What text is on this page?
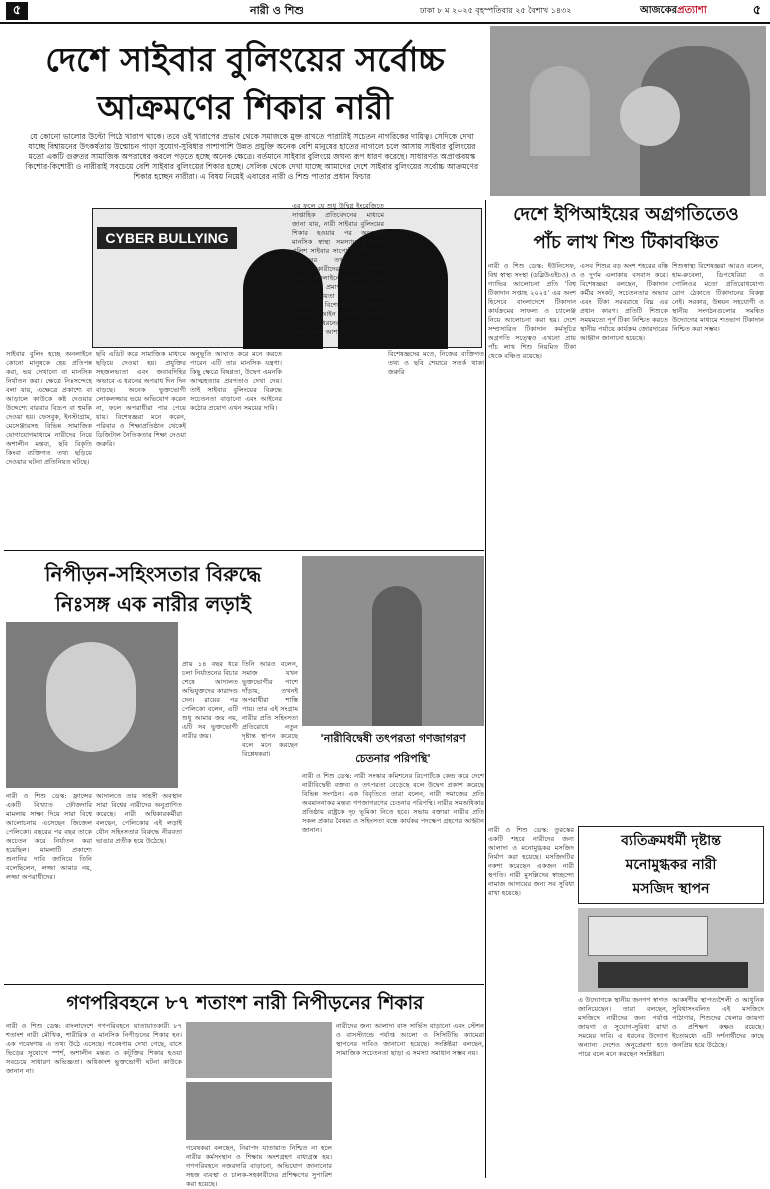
৫	নারী ও শিশু	ঢাকা ৮ ম ২০২৫ বৃহস্পতিবার ২৫ বৈশাখ ১৪৩২	আজকেরপ্রত্যাশা	৫
দেশে সাইবার বুলিংয়ের সর্বোচ্চ
আক্রমণের শিকার নারী
যে কোনো ভালোর উল্টো পিঠে খারাপ থাকে। তবে ওই খারাপের প্রভাব থেকে সমাজকে মুক্ত রাখতে পারাটাই সচেতন নাগরিকের দায়িত্ব। সেদিকে দেখা যাচ্ছে বিশ্বায়নের উৎকর্ষতায় উন্মোচন পাড়া সুযোগ-সুবিধার পাশাপাশি উন্নত প্রযুক্তি অনেক বেশি মানুষের হাতের নাগালে চলে আসায় সাইবার বুলিংয়ের মতো একটি গুরুতর সামাজিক অপরাধের কবলে পড়তে হচ্ছে অনেক ক্ষেত্রে। বর্তমানে সাইবার বুলিংয়ে জঘন্য রূপ ধারণ করেছে। সাধারণত অপ্রাপ্তবয়স্ক কিশোর-কিশোরী ও নারীরাই সবচেয়ে বেশি সাইবার বুলিংয়ের শিকার হচ্ছে। সেলিক থেকে দেখা যাচ্ছে আমাদের দেশে সাইবার বুলিংয়ের সর্বোচ্চ আক্রমণের শিকার হচ্ছেন নারীরা। এ বিষয় নিয়েই এবারের নারী ও শিশু পাতার প্রধান ফিচার
CYBER BULLYING
সাইবার বুলিং হচ্ছে অনলাইনে কোনো মানুষকে হেয় প্রতিপন্ন করা, ভয় দেখানো বা মানসিক নির্যাতন করা। ক্ষেত্রে নিঃসন্দেহে বলা যায়, এক্ষেত্রে প্রকাশ্যে বা আড়ালে কাউকে কষ্ট দেওয়ার উদ্দেশ্যে বারবার বিদ্রূপ বা হুমকি দেওয়া হয়। ফেসবুক, ইনস্টাগ্রাম, মেসেঞ্জারসহ বিভিন্ন সামাজিক যোগাযোগমাধ্যমে নারীদের নিয়ে অশালীন মন্তব্য, ছবি বিকৃতি কিংবা ব্যক্তিগত তথ্য ছড়িয়ে দেওয়ার ঘটনা প্রতিনিয়ত ঘটছে।
ছবি এডিট করে সামাজিক মাধ্যমে ছড়িয়ে দেওয়া হয়। প্রযুক্তির সহজলভ্যতা এবং জবাবদিহির অভাবে এ ধরনের অপরাধ দিন দিন বাড়ছে। অনেক ভুক্তভোগী লোকলজ্জার ভয়ে অভিযোগ করেন না, ফলে অপরাধীরা পার পেয়ে যায়। বিশেষজ্ঞরা মনে করেন, পরিবার ও শিক্ষাপ্রতিষ্ঠান থেকেই ডিজিটাল নৈতিকতার শিক্ষা দেওয়া জরুরি।
অনুভূতি আঘাত করে মনে করতে পারেন এটি তার মানসিক যন্ত্রণা। কিছু ক্ষেত্রে বিষণ্ণতা, উদ্বেগ এমনকি আত্মহত্যার প্রবণতাও দেখা দেয়। তাই সাইবার বুলিংয়ের বিরুদ্ধে সচেতনতা বাড়ানো এবং আইনের কঠোর প্রয়োগ এখন সময়ের দাবি।
এর ফলে যে শুধু উদ্বিগ্ন ইংরেজিতে সাপ্তাহিক প্রতিবেদনের মাধ্যমে জানা যায়, নারী সাইবার বুলিংয়ের শিকার হওয়ার পর অনেকেই মানসিক স্বাস্থ্য সমস্যায় ভুগছেন। পুলিশ সাইবার সাপোর্ট সেন্টার ফর উইমেনের তথ্য অনুযায়ী অভিযোগকারীদের বড় অংশই তরুণী। অনলাইনে হয়রানির শিকার হলে দ্রুত প্রমাণ সংরক্ষণ করে আইনি সহায়তা নেওয়ার পরামর্শ দিয়েছেন বিশেষজ্ঞরা। সাইবার নিরাপত্তা আইন যথাযথ প্রয়োগ হলে এ ধরনের অপরাধ কমে আসবে বলে আশা করা যায়।
বিশেষজ্ঞদের মতে, নিজের ব্যক্তিগত তথ্য ও ছবি শেয়ারে সতর্ক থাকা জরুরি
দেশে ইপিআইয়ের অগ্রগতিতেও
পাঁচ লাখ শিশু টিকাবঞ্চিত
নারী ও শিশু ডেস্ক: ইউনিসেফ, বিশ্ব স্বাস্থ্য সংস্থা (ডব্লিউএইচও) ও গ্যাভির আলোচনা প্রতি 'বিশ্ব টিকাদান সপ্তাহ ২০২৫' এর অংশ হিসেবে বাংলাদেশে টিকাদান কার্যক্রমের সাফল্য ও চ্যালেঞ্জ নিয়ে আলোচনা করা হয়। দেশে সম্প্রসারিত টিকাদান কর্মসূচির অগ্রগতি সত্ত্বেও এখনো প্রায় পাঁচ লাখ শিশু নিয়মিত টিকা থেকে বঞ্চিত রয়েছে।
এসব শিশুর বড় অংশ শহরের বস্তি ও দুর্গম এলাকায় বসবাস করে। বিশেষজ্ঞরা বলছেন, টিকাদান কর্মীর সংকট, সচেতনতার অভাব এবং টিকা সরবরাহে বিঘ্ন এর প্রধান কারণ। প্রতিটি শিশুকে সময়মতো পূর্ণ টিকা নিশ্চিত করতে স্থানীয় পর্যায়ে কার্যক্রম জোরদারের আহ্বান জানানো হয়েছে।
শিশুস্বাস্থ্য বিশেষজ্ঞরা আরও বলেন, হাম-রুবেলা, ডিপথেরিয়া ও পোলিওর মতো প্রতিরোধযোগ্য রোগ ঠেকাতে টিকাদানের বিকল্প নেই। সরকার, উন্নয়ন সহযোগী ও স্থানীয় সংগঠনগুলোর সমন্বিত উদ্যোগের মাধ্যমে শতভাগ টিকাদান নিশ্চিত করা সম্ভব।
নিপীড়ন-সহিংসতার বিরুদ্ধে
নিঃসঙ্গ এক নারীর লড়াই
নারী ও শিশু ডেস্ক: ফ্রান্সের একটি বিখ্যাত ফৌজদারি মামলায় সাক্ষ্য দিয়ে সারা বিশ্বে আলোচনায় এসেছেন জিজেল পেলিকো। বছরের পর বছর তাকে অচেতন করে নির্যাতন করা হয়েছিল। মামলাটি প্রকাশ্যে শুনানির দাবি জানিয়ে তিনি বলেছিলেন, লজ্জা আমার নয়, লজ্জা অপরাধীদের।
আদালতে তার সাহসী অবস্থান সারা বিশ্বের নারীদের অনুপ্রাণিত করেছে। নারী অধিকারকর্মীরা বলছেন, পেলিকোর এই লড়াই যৌন সহিংসতার বিরুদ্ধে নীরবতা ভাঙার প্রতীক হয়ে উঠেছে।
প্রায় ১৪ বছর ধরে চলা নির্যাতনের বিচার শেষে আদালত অভিযুক্তদের কারাদণ্ড দেন। রায়ের পর পেলিকো বলেন, এটি শুধু আমার জয় নয়, এটি সব ভুক্তভোগী নারীর জয়।
তিনি আরও বলেন, সমাজ যখন ভুক্তভোগীর পাশে দাঁড়ায়, তখনই অপরাধীরা শাস্তি পায়। তার এই সংগ্রাম নারীর প্রতি সহিংসতা প্রতিরোধে নতুন দৃষ্টান্ত স্থাপন করেছে বলে মনে করছেন বিশ্লেষকরা।
'নারীবিদ্বেষী তৎপরতা গণজাগরণ
চেতনার পরিপন্থি'
নারী ও শিশু ডেস্ক: নারী সংস্কার কমিশনের রিপোর্টকে কেন্দ্র করে দেশে নারীবিদ্বেষী বক্তব্য ও তৎপরতা বেড়েছে বলে উদ্বেগ প্রকাশ করেছে বিভিন্ন সংগঠন। এক বিবৃতিতে তারা বলেন, নারী সমাজের প্রতি অবমাননাকর মন্তব্য গণজাগরণের চেতনার পরিপন্থি। নারীর সমঅধিকার প্রতিষ্ঠায় রাষ্ট্রকে দৃঢ় ভূমিকা নিতে হবে। সভায় বক্তারা নারীর প্রতি সকল প্রকার বৈষম্য ও সহিংসতা বন্ধে কার্যকর পদক্ষেপ গ্রহণের আহ্বান জানান।
ব্যতিক্রমধর্মী দৃষ্টান্ত
মনোমুগ্ধকর নারী
মসজিদ স্থাপন
নারী ও শিশু ডেস্ক: তুরস্কের একটি শহরে নারীদের জন্য আলাদা ও মনোমুগ্ধকর মসজিদ নির্মাণ করা হয়েছে। মসজিদটির নকশা করেছেন একজন নারী স্থপতি। নারী মুসল্লিদের স্বাচ্ছন্দ্যে নামাজ আদায়ের জন্য সব সুবিধা রাখা হয়েছে।
এ উদ্যোগকে স্থানীয় জনগণ স্বাগত জানিয়েছেন। তারা বলছেন, মসজিদে নারীদের জন্য পর্যাপ্ত জায়গা ও সুযোগ-সুবিধা রাখা সময়ের দাবি। এ ধরনের উদ্যোগ অন্যান্য দেশেও অনুপ্রেরণা হতে পারে বলে মনে করছেন সংশ্লিষ্টরা।
আকর্ষণীয় স্থাপত্যশৈলী ও আধুনিক সুবিধাসংবলিত এই মসজিদে পাঠাগার, শিশুদের খেলার জায়গা ও প্রশিক্ষণ কক্ষও রয়েছে। ইতোমধ্যে এটি দর্শনার্থীদের কাছে জনপ্রিয় হয়ে উঠেছে।
গণপরিবহনে ৮৭ শতাংশ নারী নিপীড়নের শিকার
নারী ও শিশু ডেস্ক: বাংলাদেশে গণপরিবহনে যাতায়াতকারী ৮৭ শতাংশ নারী মৌখিক, শারীরিক ও মানসিক নিপীড়নের শিকার হন। এক গবেষণায় এ তথ্য উঠে এসেছে। গবেষণায় দেখা গেছে, বাসে ভিড়ের সুযোগে স্পর্শ, অশালীন মন্তব্য ও কটূক্তির শিকার হওয়া সবচেয়ে সাধারণ অভিজ্ঞতা। অধিকাংশ ভুক্তভোগী ঘটনা কাউকে জানান না।
গবেষকরা বলছেন, নিরাপদ যাতায়াত নিশ্চিত না হলে নারীর কর্মসংস্থান ও শিক্ষায় অংশগ্রহণ বাধাগ্রস্ত হয়। গণপরিবহনে নজরদারি বাড়ানো, অভিযোগ জানানোর সহজ ব্যবস্থা ও চালক-সহকারীদের প্রশিক্ষণের সুপারিশ করা হয়েছে।
নারীদের জন্য আলাদা বাস সার্ভিস বাড়ানো এবং স্টেশন ও বাসস্ট্যান্ডে পর্যাপ্ত আলো ও সিসিটিভি ক্যামেরা স্থাপনের দাবিও জানানো হয়েছে। সংশ্লিষ্টরা বলছেন, সামাজিক সচেতনতা ছাড়া এ সমস্যা সমাধান সম্ভব নয়।
